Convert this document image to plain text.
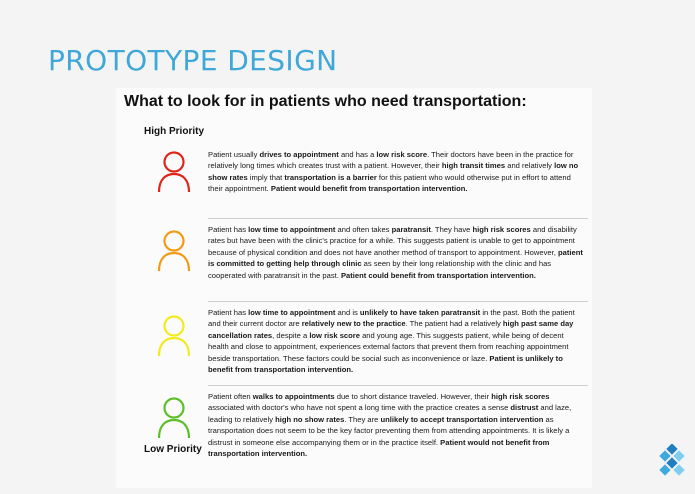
PROTOTYPE DESIGN
What to look for in patients who need transportation:
High Priority
Patient usually drives to appointment and has a low risk score. Their doctors have been in the practice for relatively long times which creates trust with a patient. However, their high transit times and relatively low no show rates imply that transportation is a barrier for this patient who would otherwise put in effort to attend their appointment. Patient would benefit from transportation intervention.
Patient has low time to appointment and often takes paratransit. They have high risk scores and disability rates but have been with the clinic's practice for a while. This suggests patient is unable to get to appointment because of physical condition and does not have another method of transport to appointment. However, patient is committed to getting help through clinic as seen by their long relationship with the clinic and has cooperated with paratransit in the past. Patient could benefit from transportation intervention.
Patient has low time to appointment and is unlikely to have taken paratransit in the past. Both the patient and their current doctor are relatively new to the practice. The patient had a relatively high past same day cancellation rates, despite a low risk score and young age. This suggests patient, while being of decent health and close to appointment, experiences external factors that prevent them from reaching appointment beside transportation. These factors could be social such as inconvenience or laze. Patient is unlikely to benefit from transportation intervention.
Patient often walks to appointments due to short distance traveled. However, their high risk scores associated with doctor's who have not spent a long time with the practice creates a sense distrust and laze, leading to relatively high no show rates. They are unlikely to accept transportation intervention as transportation does not seem to be the key factor preventing them from attending appointments. It is likely a distrust in someone else accompanying them or in the practice itself. Patient would not benefit from transportation intervention.
Low Priority
